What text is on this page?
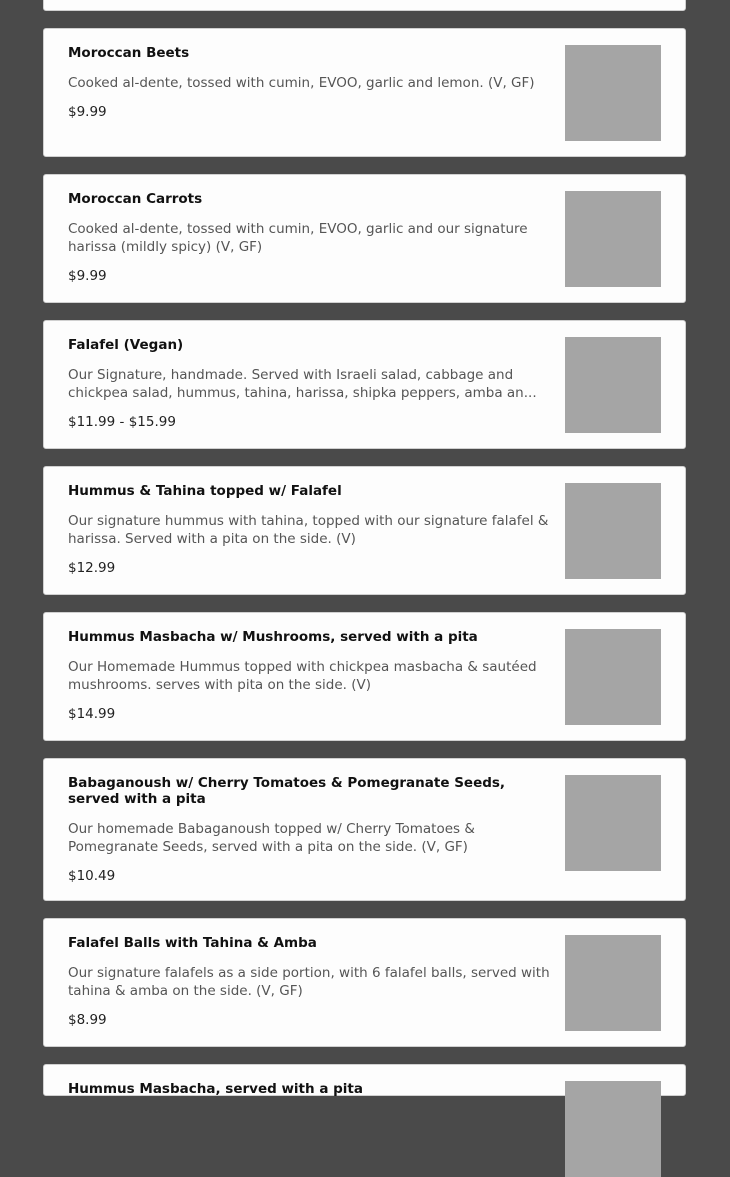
Moroccan Beets

Cooked al-dente, tossed with cumin, EVOO, garlic and lemon. (V, GF)

$9.99

Moroccan Carrots

Cooked al-dente, tossed with cumin, EVOO, garlic and our signature harissa (mildly spicy) (V, GF)

$9.99

Falafel (Vegan)

Our Signature, handmade. Served with Israeli salad, cabbage and chickpea salad, hummus, tahina, harissa, shipka peppers, amba an...

$11.99 - $15.99

Hummus & Tahina topped w/ Falafel

Our signature hummus with tahina, topped with our signature falafel & harissa. Served with a pita on the side. (V)

$12.99

Hummus Masbacha w/ Mushrooms, served with a pita

Our Homemade Hummus topped with chickpea masbacha & sautéed mushrooms. serves with pita on the side. (V)

$14.99

Babaganoush w/ Cherry Tomatoes & Pomegranate Seeds, served with a pita

Our homemade Babaganoush topped w/ Cherry Tomatoes & Pomegranate Seeds, served with a pita on the side. (V, GF)

$10.49

Falafel Balls with Tahina & Amba

Our signature falafels as a side portion, with 6 falafel balls, served with tahina & amba on the side. (V, GF)

$8.99

Hummus Masbacha, served with a pita
